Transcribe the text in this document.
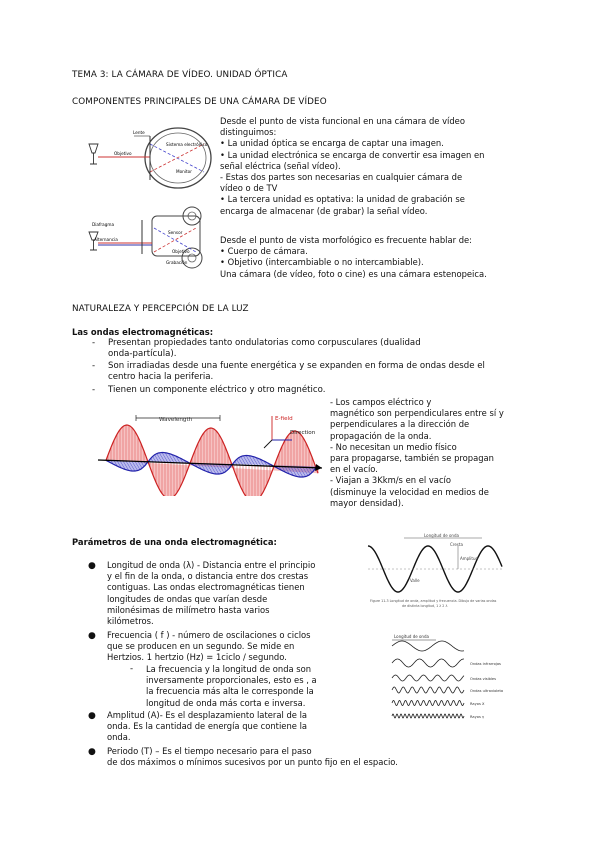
TEMA 3: LA CÁMARA DE VÍDEO. UNIDAD ÓPTICA
COMPONENTES PRINCIPALES DE UNA CÁMARA DE VÍDEO
Lente
Objetivo
Sistema electrónico
Monitor
Diafragma
Alternancia
Sensor
Objetivo
Grabación
Desde el punto de vista funcional en una cámara de vídeo
distinguimos:
• La unidad óptica se encarga de captar una imagen.
• La unidad electrónica se encarga de convertir esa imagen en
señal eléctrica (señal vídeo).
- Estas dos partes son necesarias en cualquier cámara de
vídeo o de TV
• La tercera unidad es optativa: la unidad de grabación se
encarga de almacenar (de grabar) la señal vídeo.
Desde el punto de vista morfológico es frecuente hablar de:
• Cuerpo de cámara.
• Objetivo (intercambiable o no intercambiable).
Una cámara (de vídeo, foto o cine) es una cámara estenopeica.
NATURALEZA Y PERCEPCIÓN DE LA LUZ
Las ondas electromagnéticas:
- Presentan propiedades tanto ondulatorias como corpusculares (dualidad
onda-partícula).
- Son irradiadas desde una fuente energética y se expanden en forma de ondas desde el
centro hacia la periferia.
- Tienen un componente eléctrico y otro magnético.
Wavelength	E-field
Direction
- Los campos eléctrico y
magnético son perpendiculares entre sí y
perpendiculares a la dirección de
propagación de la onda.
- No necesitan un medio físico
para propagarse, también se propagan
en el vacío.
- Viajan a 3Kkm/s en el vacío
(disminuye la velocidad en medios de
mayor densidad).
Parámetros de una onda electromagnética:
● Longitud de onda (λ) - Distancia entre el principio
y el fin de la onda, o distancia entre dos crestas
contiguas. Las ondas electromagnéticas tienen
longitudes de ondas que varían desde
milonésimas de milímetro hasta varios
kilómetros.
● Frecuencia ( f ) - número de oscilaciones o ciclos
que se producen en un segundo. Se mide en
Hertzios. 1 hertzio (Hz) = 1ciclo / segundo.
- La frecuencia y la longitud de onda son
inversamente proporcionales, esto es , a
la frecuencia más alta le corresponde la
longitud de onda más corta e inversa.
● Amplitud (A)- Es el desplazamiento lateral de la
onda. Es la cantidad de energía que contiene la
onda.
● Periodo (T) – Es el tiempo necesario para el paso
de dos máximos o mínimos sucesivos por un punto fijo en el espacio.
Longitud de onda
Amplitud
Cresta
Valle
Figure 11-3 Longitud de onda, amplitud y frecuencia. Dibujo de varias ondas
de distinta longitud, 1 λ 2 λ
Longitud de onda
Ondas infrarrojas
Ondas visibles
Ondas ultravioleta
Rayos X
Rayos γ
